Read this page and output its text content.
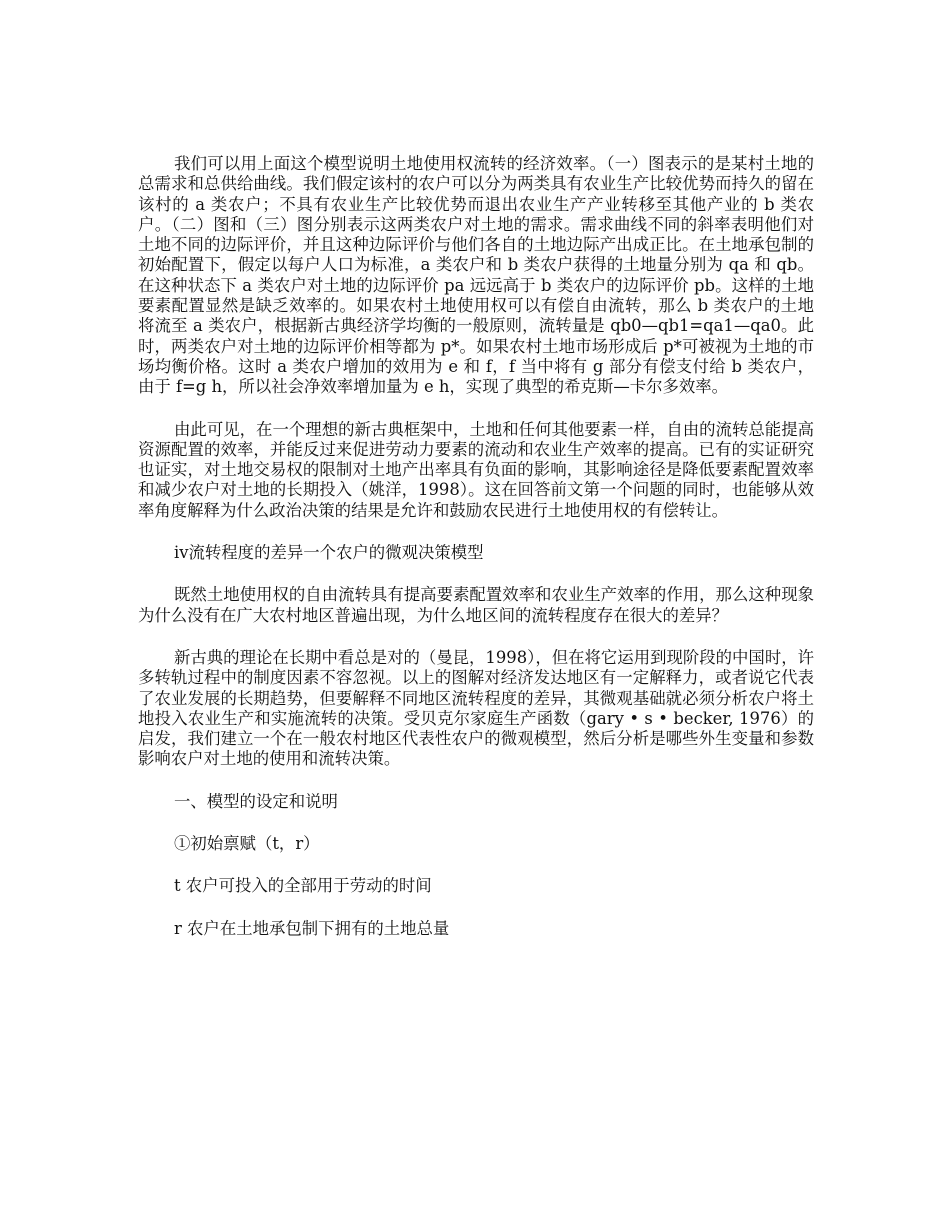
我们可以用上面这个模型说明土地使用权流转的经济效率。（一）图表示的是某村土地的总需求和总供给曲线。我们假定该村的农户可以分为两类具有农业生产比较优势而持久的留在该村的 a 类农户；不具有农业生产比较优势而退出农业生产产业转移至其他产业的 b 类农户。（二）图和（三）图分别表示这两类农户对土地的需求。需求曲线不同的斜率表明他们对土地不同的边际评价，并且这种边际评价与他们各自的土地边际产出成正比。在土地承包制的初始配置下，假定以每户人口为标准，a 类农户和 b 类农户获得的土地量分别为 qa 和 qb。在这种状态下 a 类农户对土地的边际评价 pa 远远高于 b 类农户的边际评价 pb。这样的土地要素配置显然是缺乏效率的。如果农村土地使用权可以有偿自由流转，那么 b 类农户的土地将流至 a 类农户，根据新古典经济学均衡的一般原则，流转量是 qb0—qb1=qa1—qa0。此时，两类农户对土地的边际评价相等都为 p*。如果农村土地市场形成后 p*可被视为土地的市场均衡价格。这时 a 类农户增加的效用为 e 和 f，f 当中将有 g 部分有偿支付给 b 类农户，由于 f=g h，所以社会净效率增加量为 e h，实现了典型的希克斯—卡尔多效率。

由此可见，在一个理想的新古典框架中，土地和任何其他要素一样，自由的流转总能提高资源配置的效率，并能反过来促进劳动力要素的流动和农业生产效率的提高。已有的实证研究也证实，对土地交易权的限制对土地产出率具有负面的影响，其影响途径是降低要素配置效率和减少农户对土地的长期投入（姚洋，1998）。这在回答前文第一个问题的同时，也能够从效率角度解释为什么政治决策的结果是允许和鼓励农民进行土地使用权的有偿转让。

ⅳ流转程度的差异一个农户的微观决策模型

既然土地使用权的自由流转具有提高要素配置效率和农业生产效率的作用，那么这种现象为什么没有在广大农村地区普遍出现，为什么地区间的流转程度存在很大的差异？

新古典的理论在长期中看总是对的（曼昆，1998），但在将它运用到现阶段的中国时，许多转轨过程中的制度因素不容忽视。以上的图解对经济发达地区有一定解释力，或者说它代表了农业发展的长期趋势，但要解释不同地区流转程度的差异，其微观基础就必须分析农户将土地投入农业生产和实施流转的决策。受贝克尔家庭生产函数（gary • s • becker, 1976）的启发，我们建立一个在一般农村地区代表性农户的微观模型，然后分析是哪些外生变量和参数影响农户对土地的使用和流转决策。

一、模型的设定和说明

①初始禀赋（t，r）

t 农户可投入的全部用于劳动的时间

r 农户在土地承包制下拥有的土地总量
